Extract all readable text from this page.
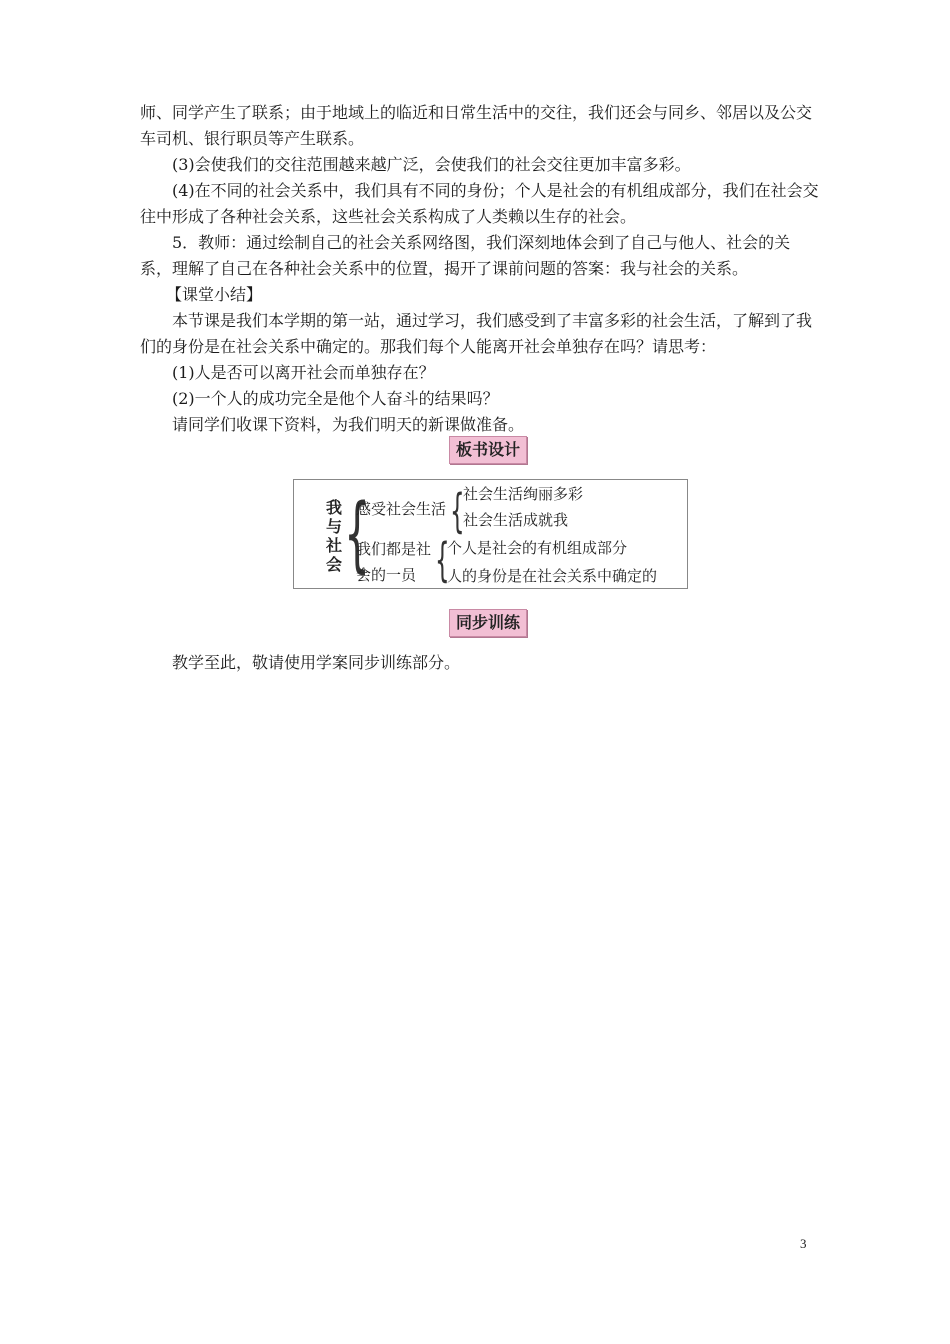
师、同学产生了联系；由于地域上的临近和日常生活中的交往，我们还会与同乡、邻居以及公交车司机、银行职员等产生联系。

(3)会使我们的交往范围越来越广泛，会使我们的社会交往更加丰富多彩。

(4)在不同的社会关系中，我们具有不同的身份；个人是社会的有机组成部分，我们在社会交往中形成了各种社会关系，这些社会关系构成了人类赖以生存的社会。

5．教师：通过绘制自己的社会关系网络图，我们深刻地体会到了自己与他人、社会的关系，理解了自己在各种社会关系中的位置，揭开了课前问题的答案：我与社会的关系。

【课堂小结】

本节课是我们本学期的第一站，通过学习，我们感受到了丰富多彩的社会生活，了解到了我们的身份是在社会关系中确定的。那我们每个人能离开社会单独存在吗？请思考：

(1)人是否可以离开社会而单独存在？
(2)一个人的成功完全是他个人奋斗的结果吗？
请同学们收课下资料，为我们明天的新课做准备。
板书设计
我
与
社
会 {
感受社会生活 {
社会生活绚丽多彩
社会生活成就我
我们都是社
会的一员 {
个人是社会的有机组成部分
人的身份是在社会关系中确定的
同步训练
教学至此，敬请使用学案同步训练部分。
3
